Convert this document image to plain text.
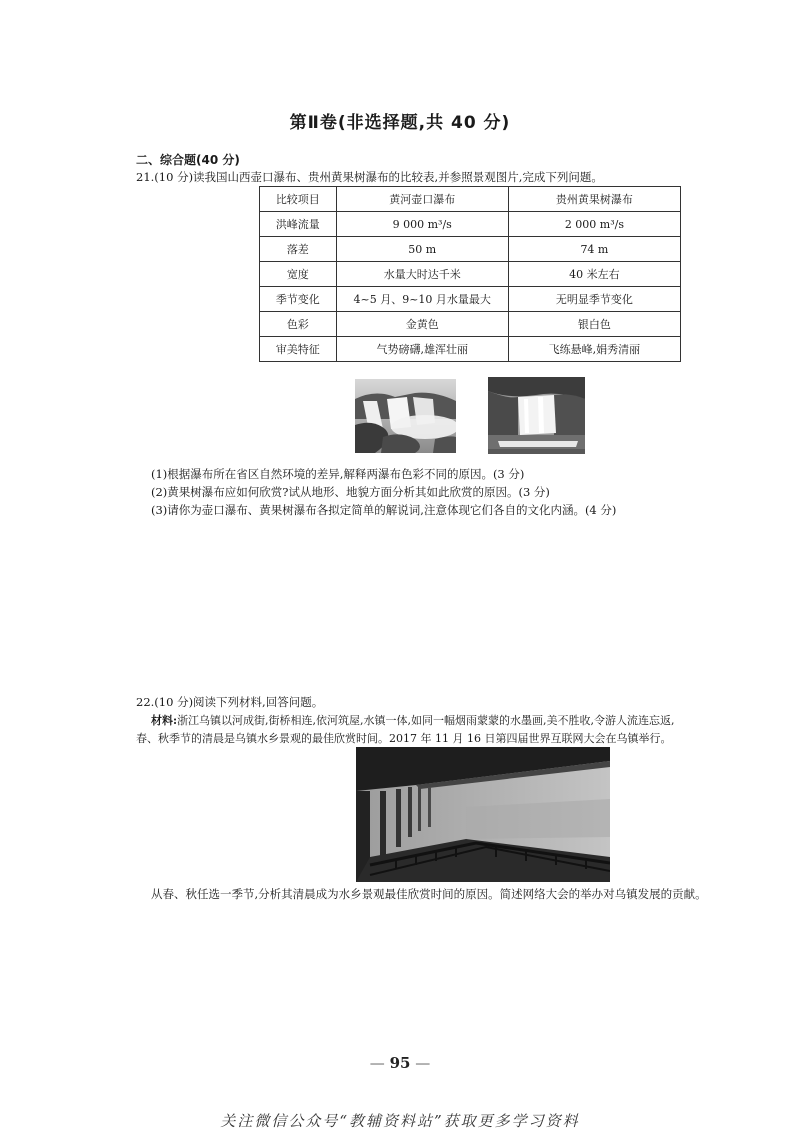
第Ⅱ卷(非选择题,共 40 分)
二、综合题(40 分)
21.(10 分)读我国山西壶口瀑布、贵州黄果树瀑布的比较表,并参照景观图片,完成下列问题。
比较项目	黄河壶口瀑布	贵州黄果树瀑布
洪峰流量	9 000 m³/s	2 000 m³/s
落差	50 m	74 m
宽度	水量大时达千米	40 米左右
季节变化	4~5 月、9~10 月水量最大	无明显季节变化
色彩	金黄色	银白色
审美特征	气势磅礴,雄浑壮丽	飞练悬峰,娟秀清丽
(1)根据瀑布所在省区自然环境的差异,解释两瀑布色彩不同的原因。(3 分)
(2)黄果树瀑布应如何欣赏?试从地形、地貌方面分析其如此欣赏的原因。(3 分)
(3)请你为壶口瀑布、黄果树瀑布各拟定简单的解说词,注意体现它们各自的文化内涵。(4 分)
22.(10 分)阅读下列材料,回答问题。
材料:浙江乌镇以河成街,街桥相连,依河筑屋,水镇一体,如同一幅烟雨蒙蒙的水墨画,美不胜收,令游人流连忘返,
春、秋季节的清晨是乌镇水乡景观的最佳欣赏时间。2017 年 11 月 16 日第四届世界互联网大会在乌镇举行。
从春、秋任选一季节,分析其清晨成为水乡景观最佳欣赏时间的原因。简述网络大会的举办对乌镇发展的贡献。
— 95 —
关注微信公众号“教辅资料站”获取更多学习资料
